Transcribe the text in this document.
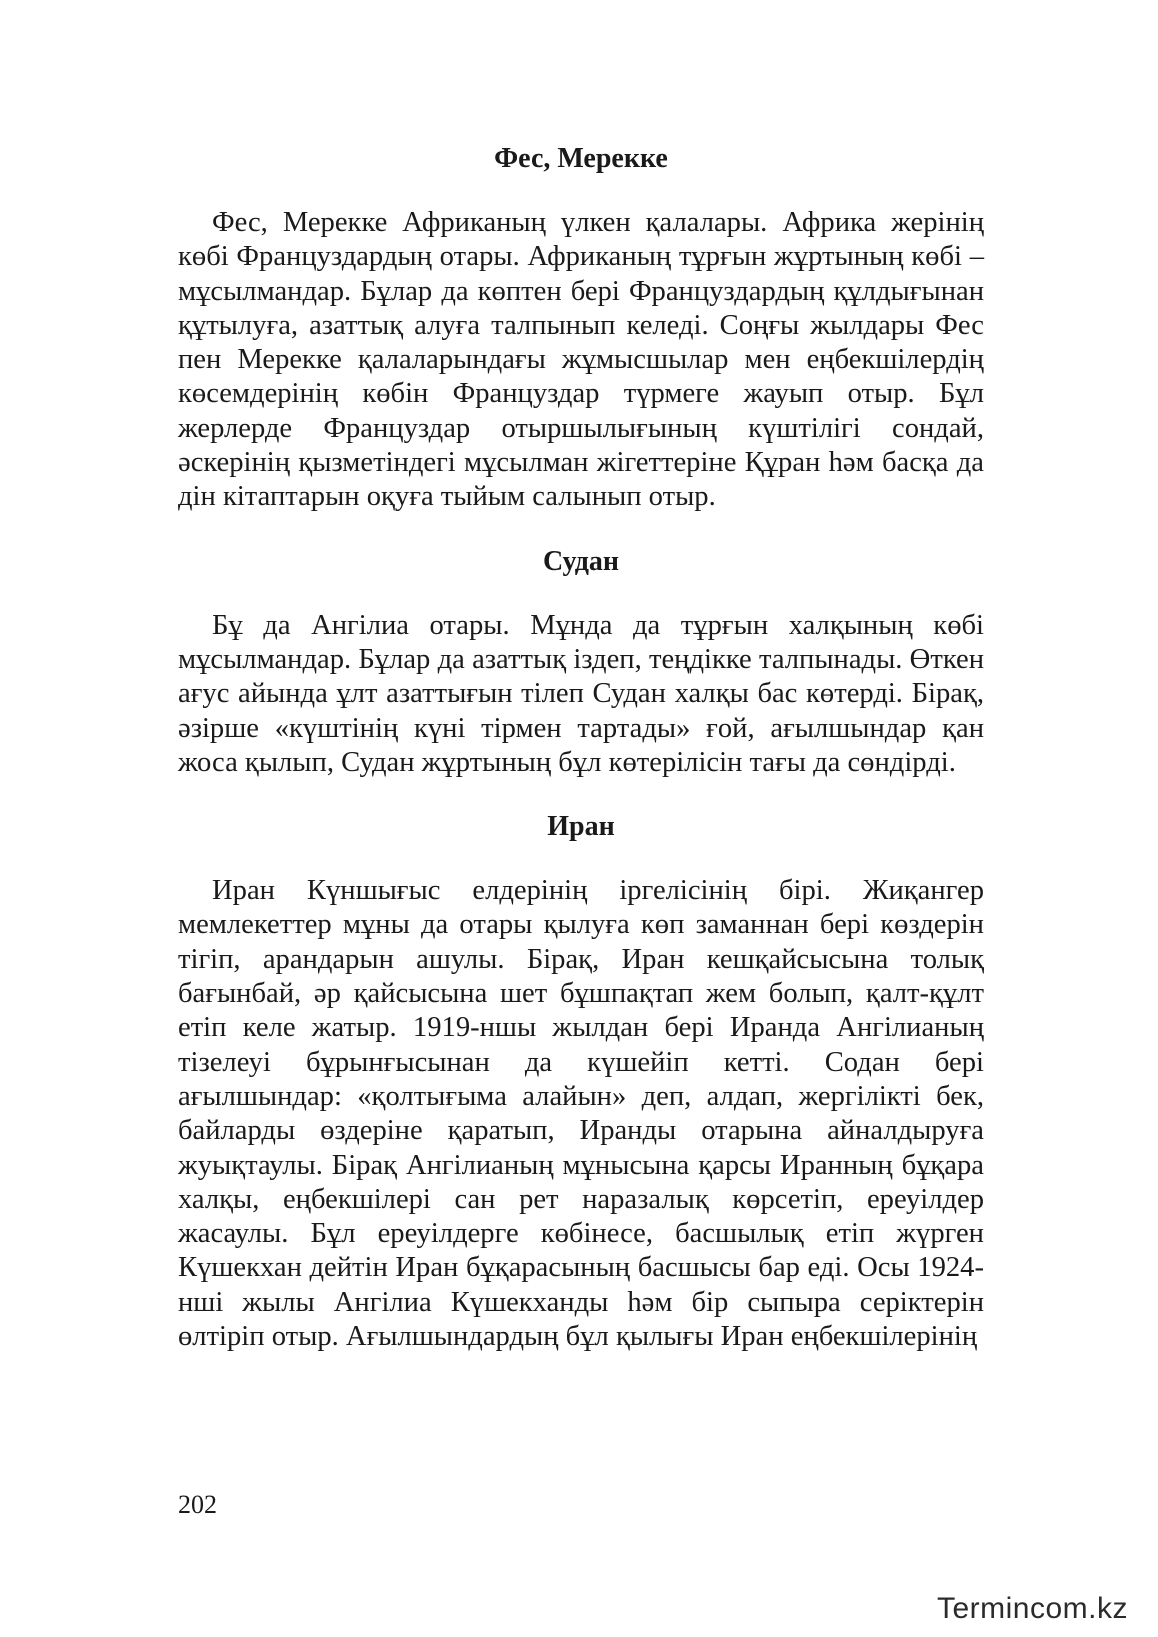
Фес, Мерекке

Фес, Мерекке Африканың үлкен қалалары. Африка жерінің көбі Француздардың отары. Африканың тұрғын жұртының көбі – мұсылмандар. Бұлар да көптен бері Француздардың құлдығынан құтылуға, азаттық алуға талпынып келеді. Соңғы жылдары Фес пен Мерекке қалаларындағы жұмысшылар мен еңбекшілердің көсемдерінің көбін Француздар түрмеге жауып отыр. Бұл жерлерде Француздар отыршылығының күштілігі сондай, әскерінің қызметіндегі мұсылман жігеттеріне Құран һәм басқа да дін кітаптарын оқуға тыйым салынып отыр.

Судан

Бұ да Ангілиа отары. Мұнда да тұрғын халқының көбі мұсылмандар. Бұлар да азаттық іздеп, теңдікке талпынады. Өткен ағус айында ұлт азаттығын тілеп Судан халқы бас көтерді. Бірақ, әзірше «күштінің күні тірмен тартады» ғой, ағылшындар қан жоса қылып, Судан жұртының бұл көтерілісін тағы да сөндірді.

Иран

Иран Күншығыс елдерінің іргелісінің бірі. Жиқангер мемлекеттер мұны да отары қылуға көп заманнан бері көздерін тігіп, арандарын ашулы. Бірақ, Иран кешқайсысына толық бағынбай, әр қайсысына шет бұшпақтап жем болып, қалт-құлт етіп келе жатыр. 1919-ншы жылдан бері Иранда Ангілианың тізелеуі бұрынғысынан да күшейіп кетті. Содан бері ағылшындар: «қолтығыма алайын» деп, алдап, жергілікті бек, байларды өздеріне қаратып, Иранды отарына айналдыруға жуықтаулы. Бірақ Ангілианың мұнысына қарсы Иранның бұқара халқы, еңбекшілері сан рет наразалық көрсетіп, ереуілдер жасаулы. Бұл ереуілдерге көбінесе, басшылық етіп жүрген Күшекхан дейтін Иран бұқарасының басшысы бар еді. Осы 1924-нші жылы Ангілиа Күшекханды һәм бір сыпыра серіктерін өлтіріп отыр. Ағылшындардың бұл қылығы Иран еңбекшілерінің

202
Termincom.kz
